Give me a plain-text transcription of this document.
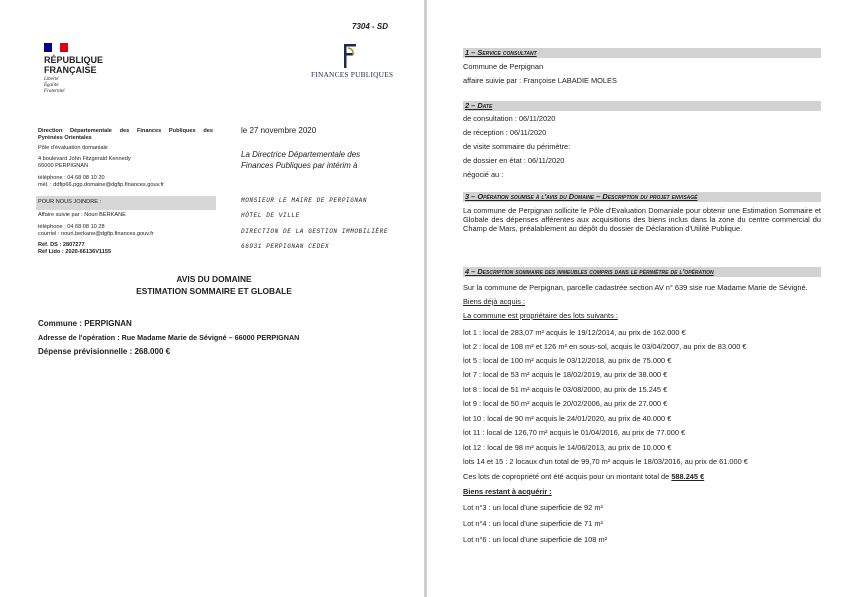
7304 - SD
RÉPUBLIQUE
FRANÇAISE
Liberté
Égalité
Fraternité
FINANCES PUBLIQUES
Direction Départementale des Finances Publiques des
Pyrénées Orientales
Pôle d'évaluation domaniale
4 boulevard John Fitzgerald Kennedy
66000 PERPIGNAN
téléphone : 04 68 08 10 20
mél. : ddfip66.pgp.domaine@dgfip.finances.gouv.fr
POUR NOUS JOINDRE :
Affaire suivie par : Nouri BERKANE
téléphone : 04 68 08 10 28
courriel : nouri.berkane@dgfip.finances.gouv.fr
Réf. DS : 2807277
Réf Lido : 2020-66136V1155
le 27 novembre 2020
La Directrice Départementale des
Finances Publiques par intérim à
MONSIEUR LE MAIRE DE PERPIGNAN
HÔTEL DE VILLE
DIRECTION DE LA GESTION IMMOBILIÈRE
66931 PERPIGNAN CEDEX
AVIS DU DOMAINE
ESTIMATION SOMMAIRE ET GLOBALE
Commune : PERPIGNAN
Adresse de l'opération : Rue Madame Marie de Sévigné – 66000 PERPIGNAN
Dépense prévisionnelle : 268.000 €
1 – Service consultant
Commune de Perpignan
affaire suivie par : Françoise LABADIE MOLES
2 – Date
de consultation : 06/11/2020
de réception : 06/11/2020
de visite sommaire du périmètre:
de dossier en état : 06/11/2020
négocié au :
3 – Opération soumise à l'avis du Domaine – Description du projet envisagé
La commune de Perpignan sollicite le Pôle d'Evaluation Domaniale pour obtenir une Estimation Sommaire et Globale des dépenses afférentes aux acquisitions des biens inclus dans la zone du centre commercial du Champ de Mars, préalablement au dépôt du dossier de Déclaration d'Utilité Publique.
4 – Description sommaire des immeubles compris dans le périmètre de l'opération
Sur la commune de Perpignan, parcelle cadastrée section AV n° 639 sise rue Madame Marie de Sévigné.
Biens déjà acquis :
La commune est propriétaire des lots suivants :
lot 1 : local de 283,07 m² acquis le 19/12/2014, au prix de 162.000 €
lot 2 : local de 108 m² et 126 m² en sous-sol, acquis le 03/04/2007, au prix de 83.000 €
lot 5 : local de 100 m² acquis le 03/12/2018, au prix de 75.000 €
lot 7 : local de 53 m² acquis le 18/02/2019, au prix de 38.000 €
lot 8 : local de 51 m² acquis le 03/08/2000, au prix de 15.245 €
lot 9 : local de 50 m² acquis le 20/02/2006, au prix de 27.000 €
lot 10 : local de 90 m² acquis le 24/01/2020, au prix de 40.000 €
lot 11 : local de 126,70 m² acquis le 01/04/2016, au prix de 77.000 €
lot 12 : local de 98 m² acquis le 14/06/2013, au prix de 10.000 €
lots 14 et 15 : 2 locaux d'un total de 99,70 m² acquis le 18/03/2016, au prix de 61.000 €
Ces lots de copropriété ont été acquis pour un montant total de 588.245 €
Biens restant à acquérir :
Lot n°3 : un local d'une superficie de 92 m²
Lot n°4 : un local d'une superficie de 71 m²
Lot n°6 : un local d'une superficie de 108 m²
